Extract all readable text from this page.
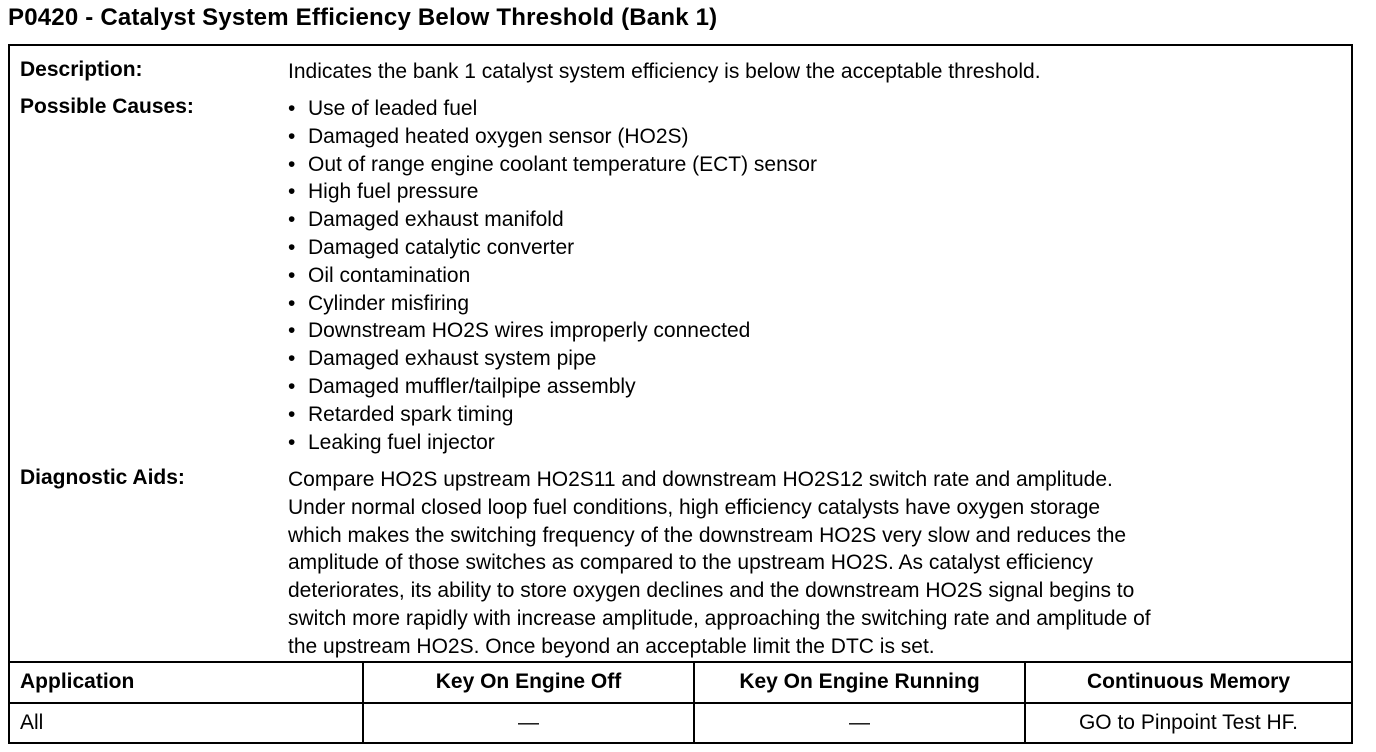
P0420 - Catalyst System Efficiency Below Threshold (Bank 1)
Description:	Indicates the bank 1 catalyst system efficiency is below the acceptable threshold.
Possible Causes:	• Use of leaded fuel
• Damaged heated oxygen sensor (HO2S)
• Out of range engine coolant temperature (ECT) sensor
• High fuel pressure
• Damaged exhaust manifold
• Damaged catalytic converter
• Oil contamination
• Cylinder misfiring
• Downstream HO2S wires improperly connected
• Damaged exhaust system pipe
• Damaged muffler/tailpipe assembly
• Retarded spark timing
• Leaking fuel injector
Diagnostic Aids:	Compare HO2S upstream HO2S11 and downstream HO2S12 switch rate and amplitude.
Under normal closed loop fuel conditions, high efficiency catalysts have oxygen storage
which makes the switching frequency of the downstream HO2S very slow and reduces the
amplitude of those switches as compared to the upstream HO2S. As catalyst efficiency
deteriorates, its ability to store oxygen declines and the downstream HO2S signal begins to
switch more rapidly with increase amplitude, approaching the switching rate and amplitude of
the upstream HO2S. Once beyond an acceptable limit the DTC is set.
Application	Key On Engine Off	Key On Engine Running	Continuous Memory
All	—	—	GO to Pinpoint Test HF.
